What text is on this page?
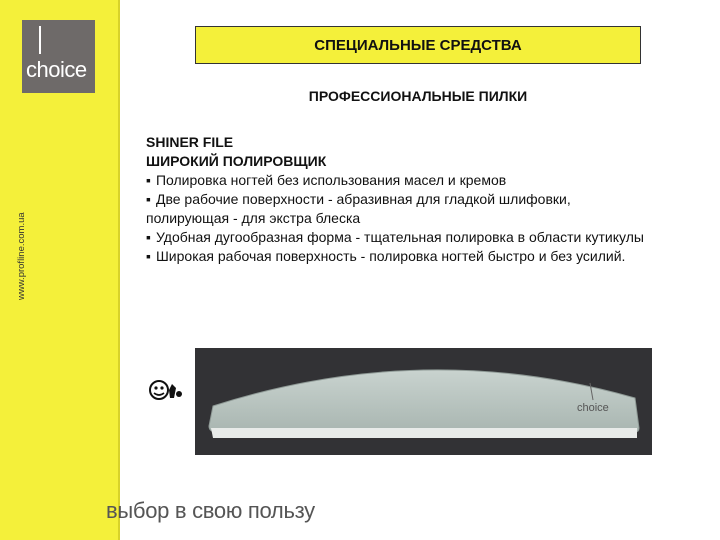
choice
www.profline.com.ua
СПЕЦИАЛЬНЫЕ СРЕДСТВА
ПРОФЕССИОНАЛЬНЫЕ ПИЛКИ
SHINER FILE
ШИРОКИЙ ПОЛИРОВЩИК
▪ Полировка ногтей без использования масел и кремов
▪ Две рабочие поверхности - абразивная для гладкой шлифовки, полирующая - для экстра блеска
▪ Удобная дугообразная форма - тщательная полировка в области кутикулы
▪ Широкая рабочая поверхность - полировка ногтей быстро и без усилий.
choice
выбор в свою пользу
